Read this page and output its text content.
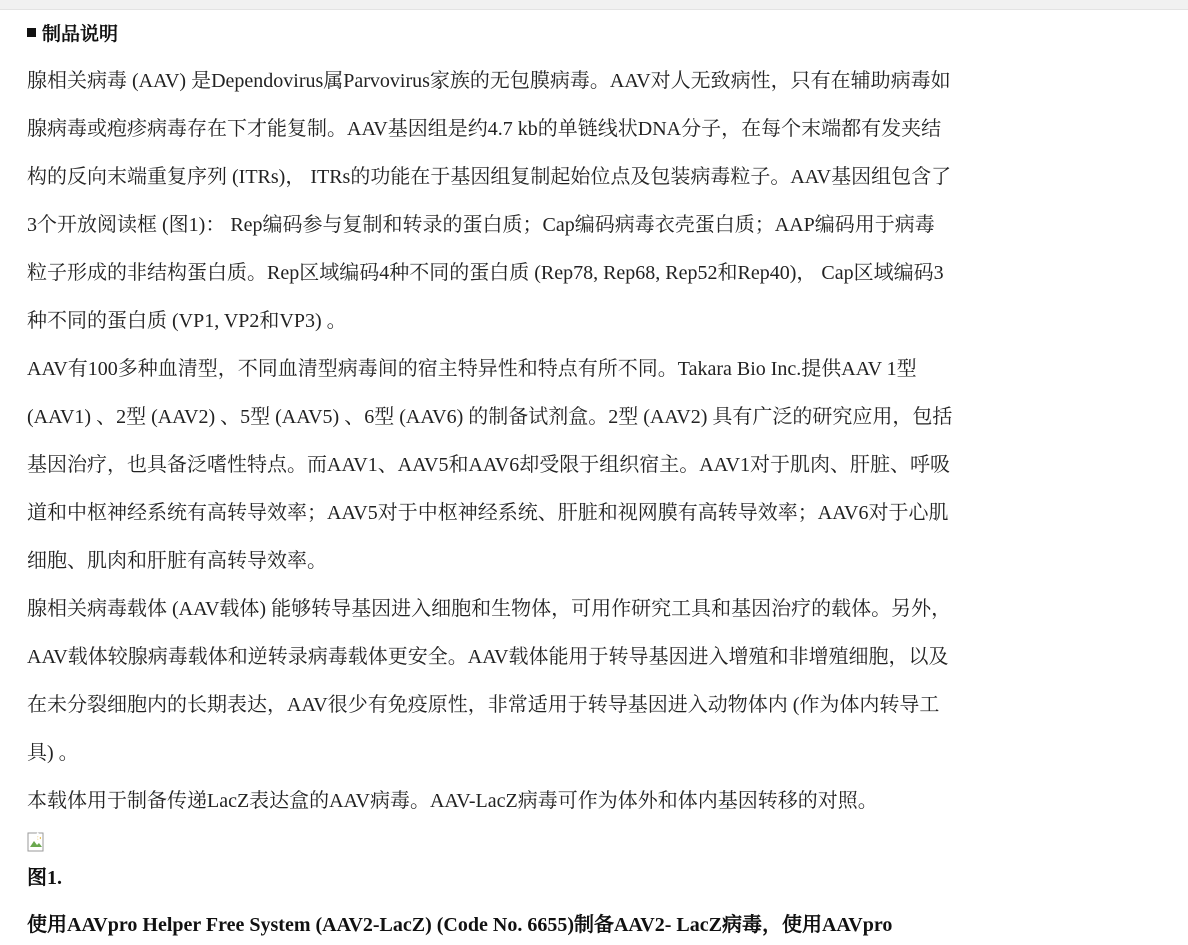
制品说明
腺相关病毒 (AAV) 是Dependovirus属Parvovirus家族的无包膜病毒。AAV对人无致病性，只有在辅助病毒如
腺病毒或疱疹病毒存在下才能复制。AAV基因组是约4.7 kb的单链线状DNA分子，在每个末端都有发夹结
构的反向末端重复序列 (ITRs)， ITRs的功能在于基因组复制起始位点及包装病毒粒子。AAV基因组包含了
3个开放阅读框 (图1)： Rep编码参与复制和转录的蛋白质；Cap编码病毒衣壳蛋白质；AAP编码用于病毒
粒子形成的非结构蛋白质。Rep区域编码4种不同的蛋白质 (Rep78, Rep68, Rep52和Rep40)， Cap区域编码3
种不同的蛋白质 (VP1, VP2和VP3) 。
AAV有100多种血清型，不同血清型病毒间的宿主特异性和特点有所不同。Takara Bio Inc.提供AAV 1型
(AAV1) 、2型 (AAV2) 、5型 (AAV5) 、6型 (AAV6) 的制备试剂盒。2型 (AAV2) 具有广泛的研究应用，包括
基因治疗，也具备泛嗜性特点。而AAV1、AAV5和AAV6却受限于组织宿主。AAV1对于肌肉、肝脏、呼吸
道和中枢神经系统有高转导效率；AAV5对于中枢神经系统、肝脏和视网膜有高转导效率；AAV6对于心肌
细胞、肌肉和肝脏有高转导效率。
腺相关病毒载体 (AAV载体) 能够转导基因进入细胞和生物体，可用作研究工具和基因治疗的载体。另外，
AAV载体较腺病毒载体和逆转录病毒载体更安全。AAV载体能用于转导基因进入增殖和非增殖细胞，以及
在未分裂细胞内的长期表达，AAV很少有免疫原性，非常适用于转导基因进入动物体内 (作为体内转导工
具) 。
本载体用于制备传递LacZ表达盒的AAV病毒。AAV-LacZ病毒可作为体外和体内基因转移的对照。
图1.
使用AAVpro Helper Free System (AAV2-LacZ) (Code No. 6655)制备AAV2- LacZ病毒，使用AAVpro
